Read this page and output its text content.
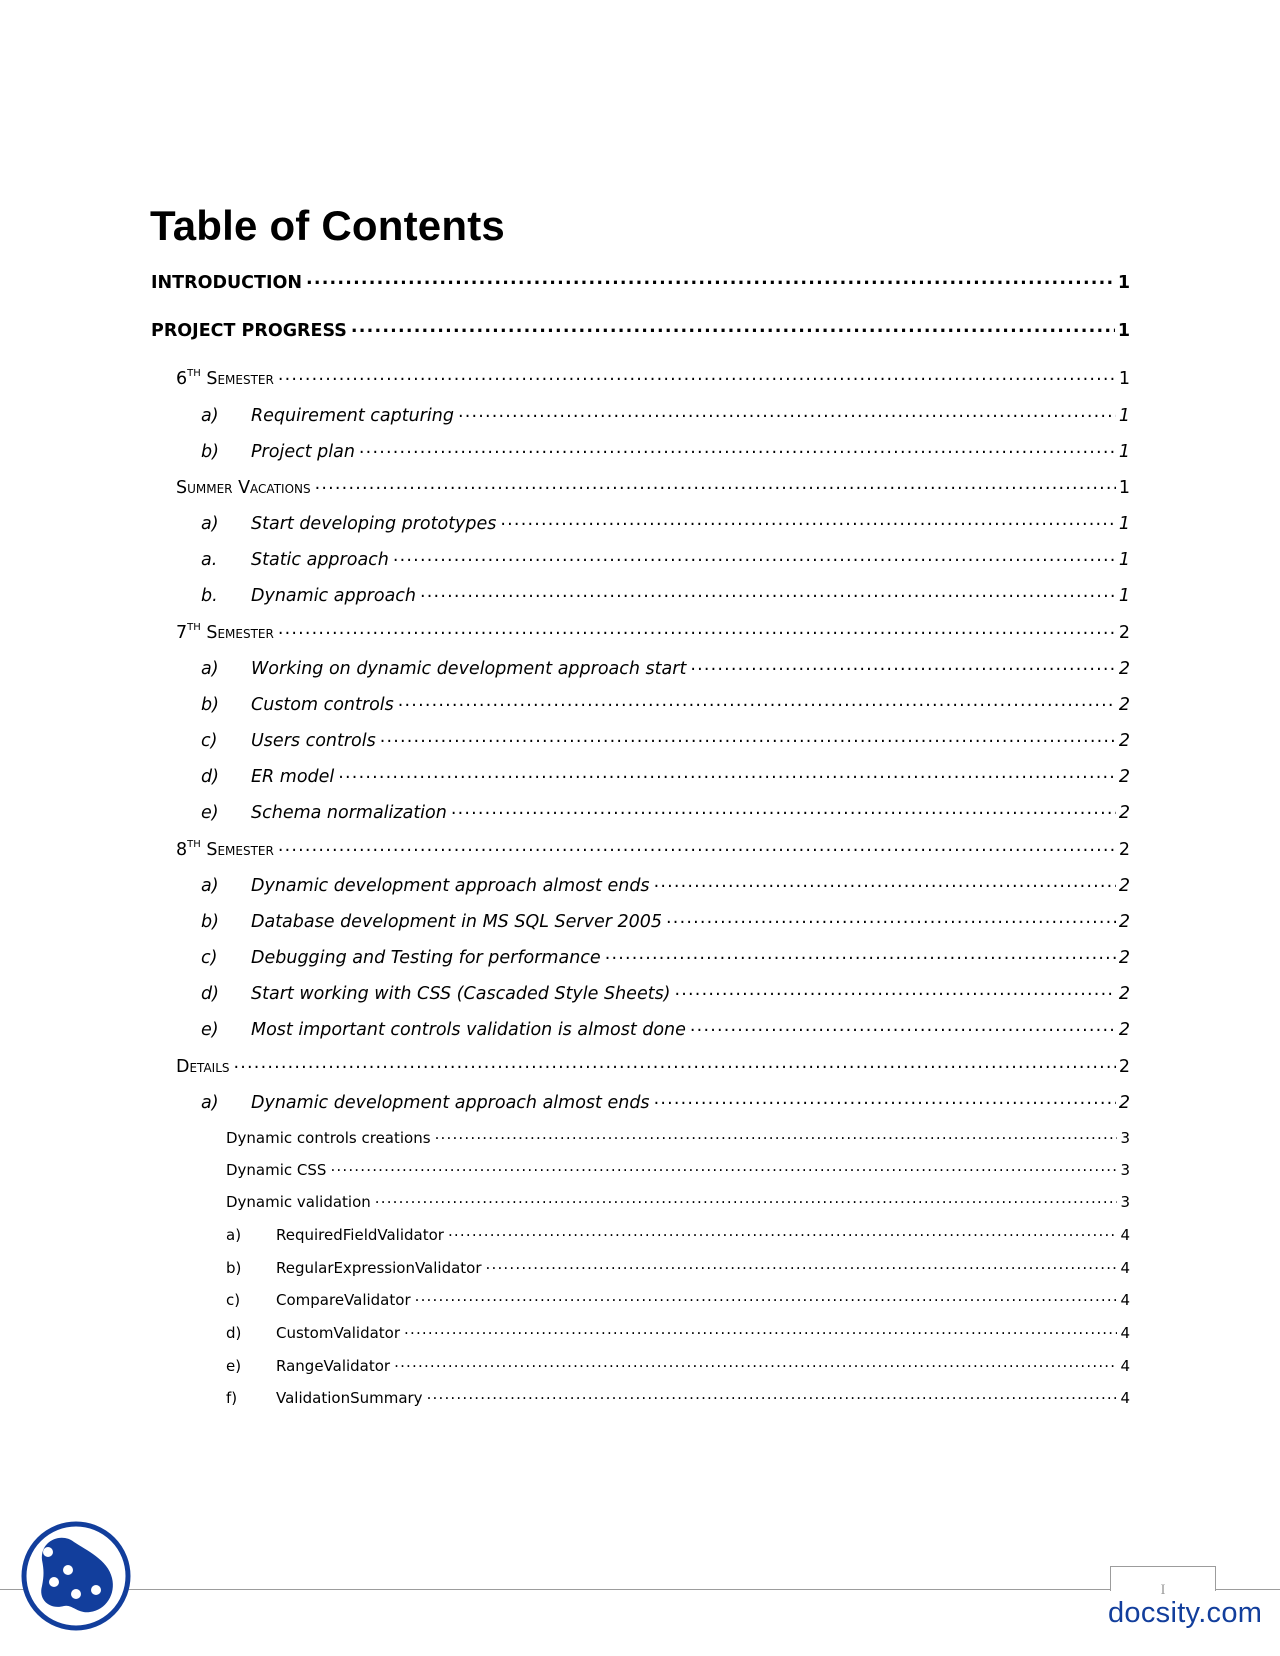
Table of Contents
INTRODUCTION .....	1
PROJECT PROGRESS .....	1
6TH Semester .....	1
a)	Requirement capturing .....	1
b)	Project plan .....	1
Summer Vacations .....	1
a)	Start developing prototypes .....	1
a.	Static approach .....	1
b.	Dynamic approach .....	1
7TH Semester .....	2
a)	Working on dynamic development approach start .....	2
b)	Custom controls .....	2
c)	Users controls .....	2
d)	ER model .....	2
e)	Schema normalization .....	2
8TH Semester .....	2
a)	Dynamic development approach almost ends .....	2
b)	Database development in MS SQL Server 2005 .....	2
c)	Debugging and Testing for performance .....	2
d)	Start working with CSS (Cascaded Style Sheets) .....	2
e)	Most important controls validation is almost done .....	2
Details .....	2
a)	Dynamic development approach almost ends .....	2
Dynamic controls creations .....	3
Dynamic CSS .....	3
Dynamic validation .....	3
a)	RequiredFieldValidator .....	4
b)	RegularExpressionValidator .....	4
c)	CompareValidator .....	4
d)	CustomValidator .....	4
e)	RangeValidator .....	4
f)	ValidationSummary .....	4
I
docsity.com
